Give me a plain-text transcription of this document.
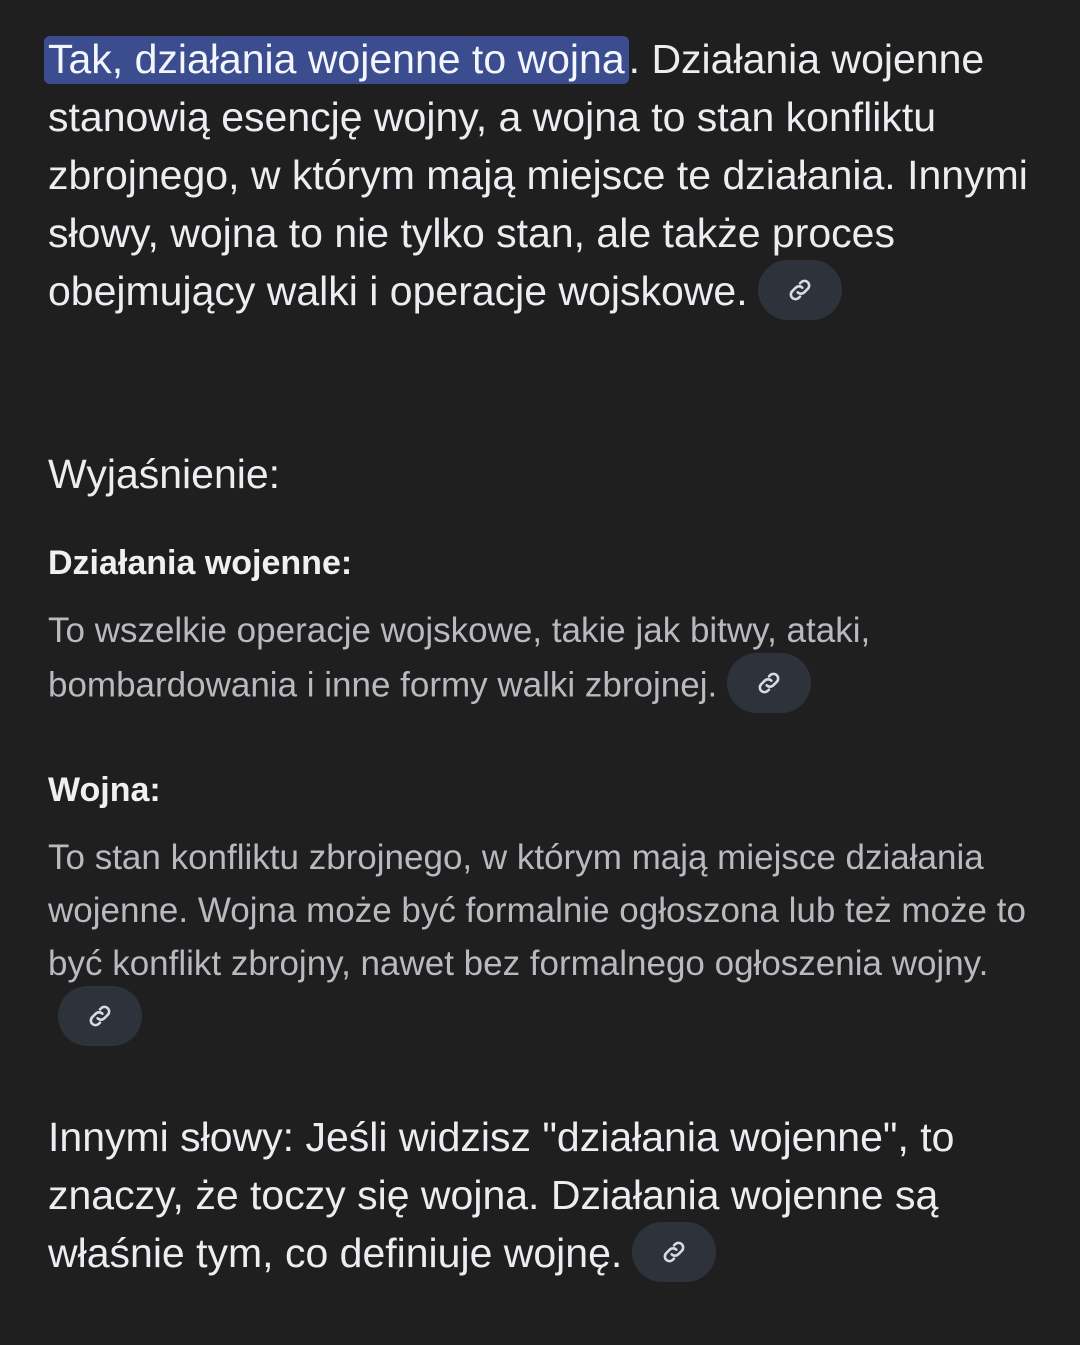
Tak, działania wojenne to wojna. Działania wojenne stanowią esencję wojny, a wojna to stan konfliktu zbrojnego, w którym mają miejsce te działania. Innymi słowy, wojna to nie tylko stan, ale także proces obejmujący walki i operacje wojskowe.

Wyjaśnienie:
Działania wojenne:

To wszelkie operacje wojskowe, takie jak bitwy, ataki, bombardowania i inne formy walki zbrojnej.

Wojna:

To stan konfliktu zbrojnego, w którym mają miejsce działania wojenne. Wojna może być formalnie ogłoszona lub też może to być konflikt zbrojny, nawet bez formalnego ogłoszenia wojny.

Innymi słowy: Jeśli widzisz "działania wojenne", to znaczy, że toczy się wojna. Działania wojenne są właśnie tym, co definiuje wojnę.
